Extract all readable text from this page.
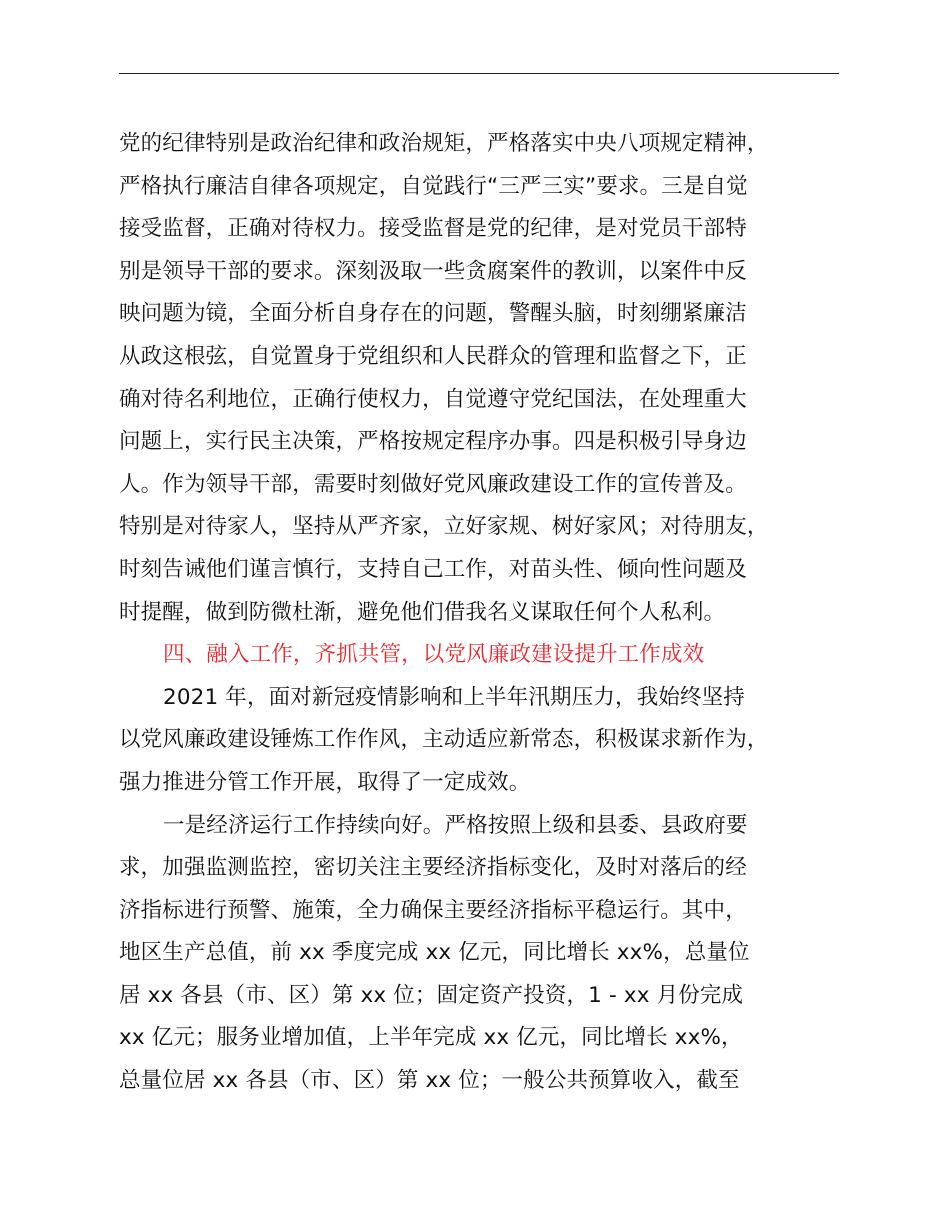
党的纪律特别是政治纪律和政治规矩，严格落实中央八项规定精神，
严格执行廉洁自律各项规定，自觉践行“三严三实”要求。三是自觉
接受监督，正确对待权力。接受监督是党的纪律，是对党员干部特
别是领导干部的要求。深刻汲取一些贪腐案件的教训，以案件中反
映问题为镜，全面分析自身存在的问题，警醒头脑，时刻绷紧廉洁
从政这根弦，自觉置身于党组织和人民群众的管理和监督之下，正
确对待名利地位，正确行使权力，自觉遵守党纪国法，在处理重大
问题上，实行民主决策，严格按规定程序办事。四是积极引导身边
人。作为领导干部，需要时刻做好党风廉政建设工作的宣传普及。
特别是对待家人，坚持从严齐家，立好家规、树好家风；对待朋友，
时刻告诫他们谨言慎行，支持自己工作，对苗头性、倾向性问题及
时提醒，做到防微杜渐，避免他们借我名义谋取任何个人私利。
四、融入工作，齐抓共管，以党风廉政建设提升工作成效
2021 年，面对新冠疫情影响和上半年汛期压力，我始终坚持
以党风廉政建设锤炼工作作风，主动适应新常态，积极谋求新作为，
强力推进分管工作开展，取得了一定成效。
一是经济运行工作持续向好。严格按照上级和县委、县政府要
求，加强监测监控，密切关注主要经济指标变化，及时对落后的经
济指标进行预警、施策，全力确保主要经济指标平稳运行。其中，
地区生产总值，前 xx 季度完成 xx 亿元，同比增长 xx%，总量位
居 xx 各县（市、区）第 xx 位；固定资产投资，1 - xx 月份完成
xx 亿元；服务业增加值，上半年完成 xx 亿元，同比增长 xx%，
总量位居 xx 各县（市、区）第 xx 位；一般公共预算收入，截至
